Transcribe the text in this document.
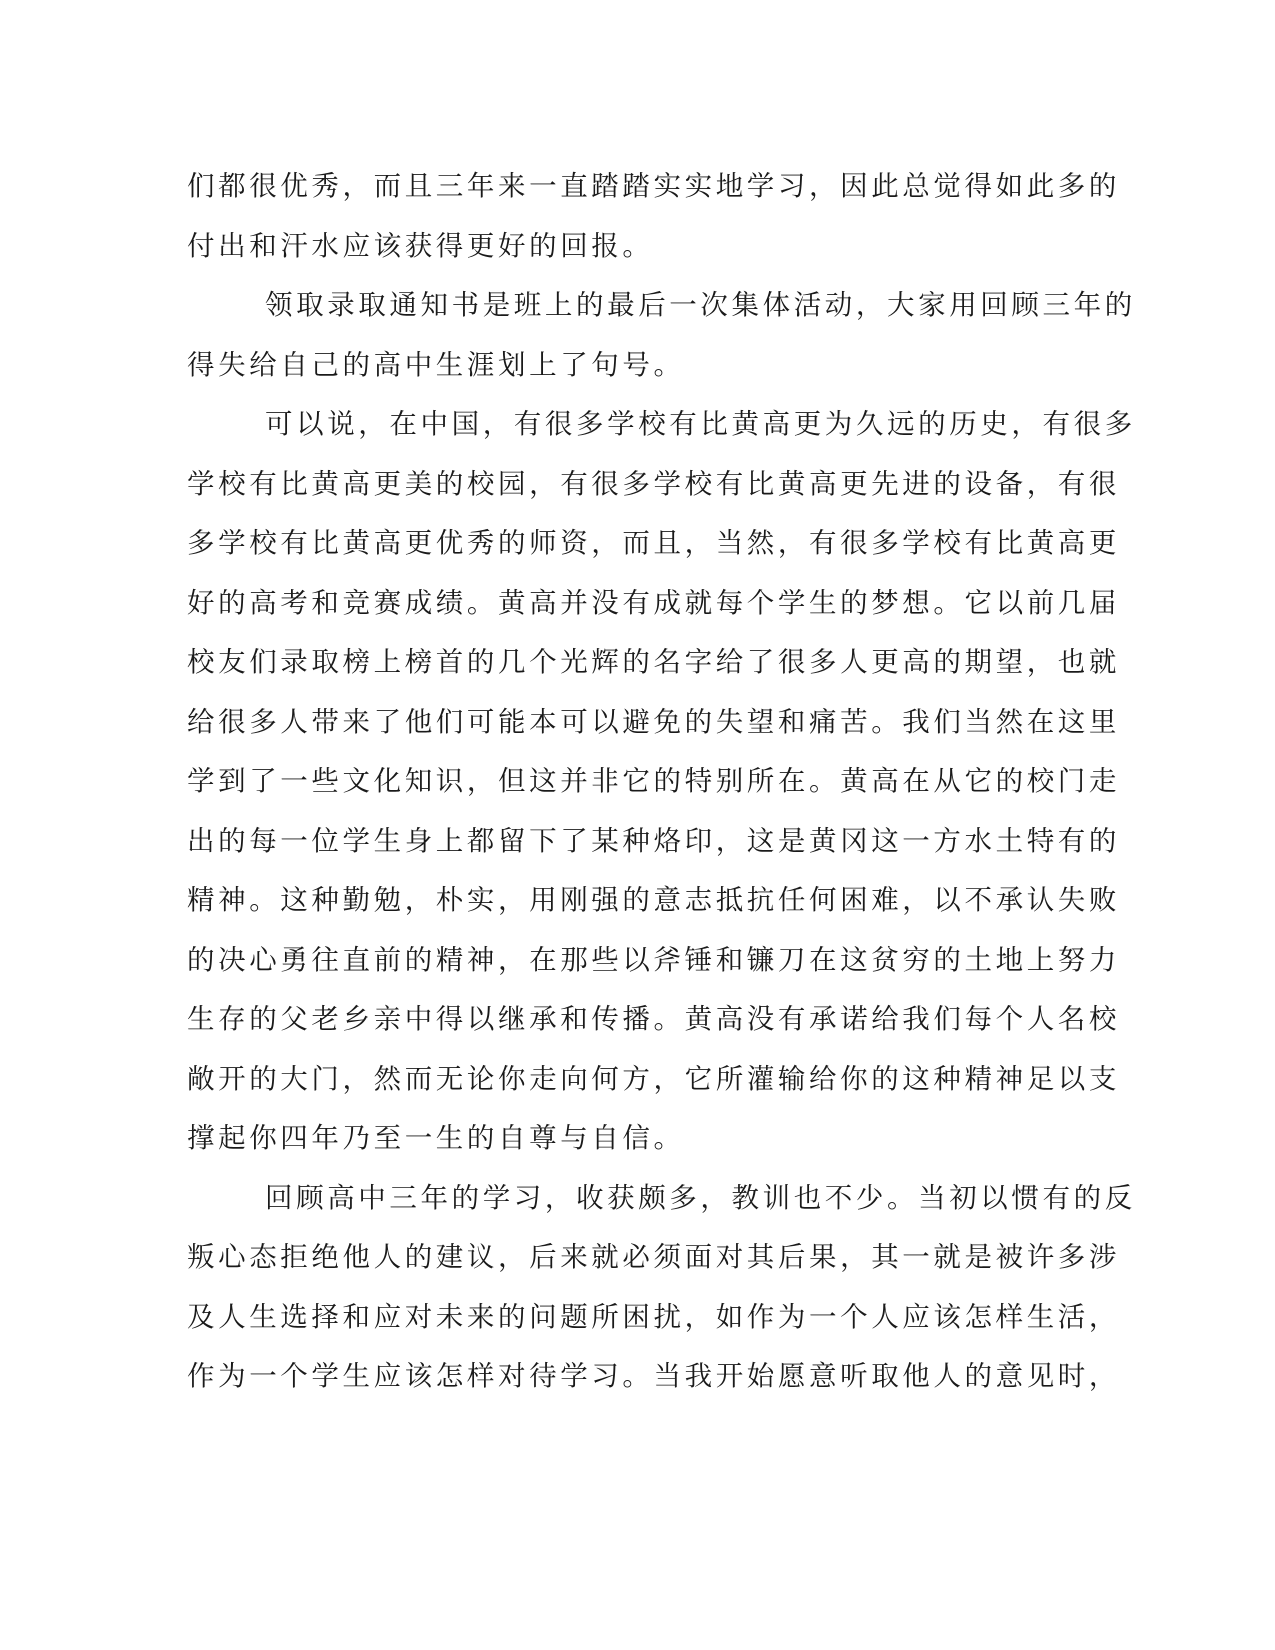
们都很优秀，而且三年来一直踏踏实实地学习，因此总觉得如此多的
付出和汗水应该获得更好的回报。
领取录取通知书是班上的最后一次集体活动，大家用回顾三年的
得失给自己的高中生涯划上了句号。
可以说，在中国，有很多学校有比黄高更为久远的历史，有很多
学校有比黄高更美的校园，有很多学校有比黄高更先进的设备，有很
多学校有比黄高更优秀的师资，而且，当然，有很多学校有比黄高更
好的高考和竞赛成绩。黄高并没有成就每个学生的梦想。它以前几届
校友们录取榜上榜首的几个光辉的名字给了很多人更高的期望，也就
给很多人带来了他们可能本可以避免的失望和痛苦。我们当然在这里
学到了一些文化知识，但这并非它的特别所在。黄高在从它的校门走
出的每一位学生身上都留下了某种烙印，这是黄冈这一方水土特有的
精神。这种勤勉，朴实，用刚强的意志抵抗任何困难，以不承认失败
的决心勇往直前的精神，在那些以斧锤和镰刀在这贫穷的土地上努力
生存的父老乡亲中得以继承和传播。黄高没有承诺给我们每个人名校
敞开的大门，然而无论你走向何方，它所灌输给你的这种精神足以支
撑起你四年乃至一生的自尊与自信。
回顾高中三年的学习，收获颇多，教训也不少。当初以惯有的反
叛心态拒绝他人的建议，后来就必须面对其后果，其一就是被许多涉
及人生选择和应对未来的问题所困扰，如作为一个人应该怎样生活，
作为一个学生应该怎样对待学习。当我开始愿意听取他人的意见时，
